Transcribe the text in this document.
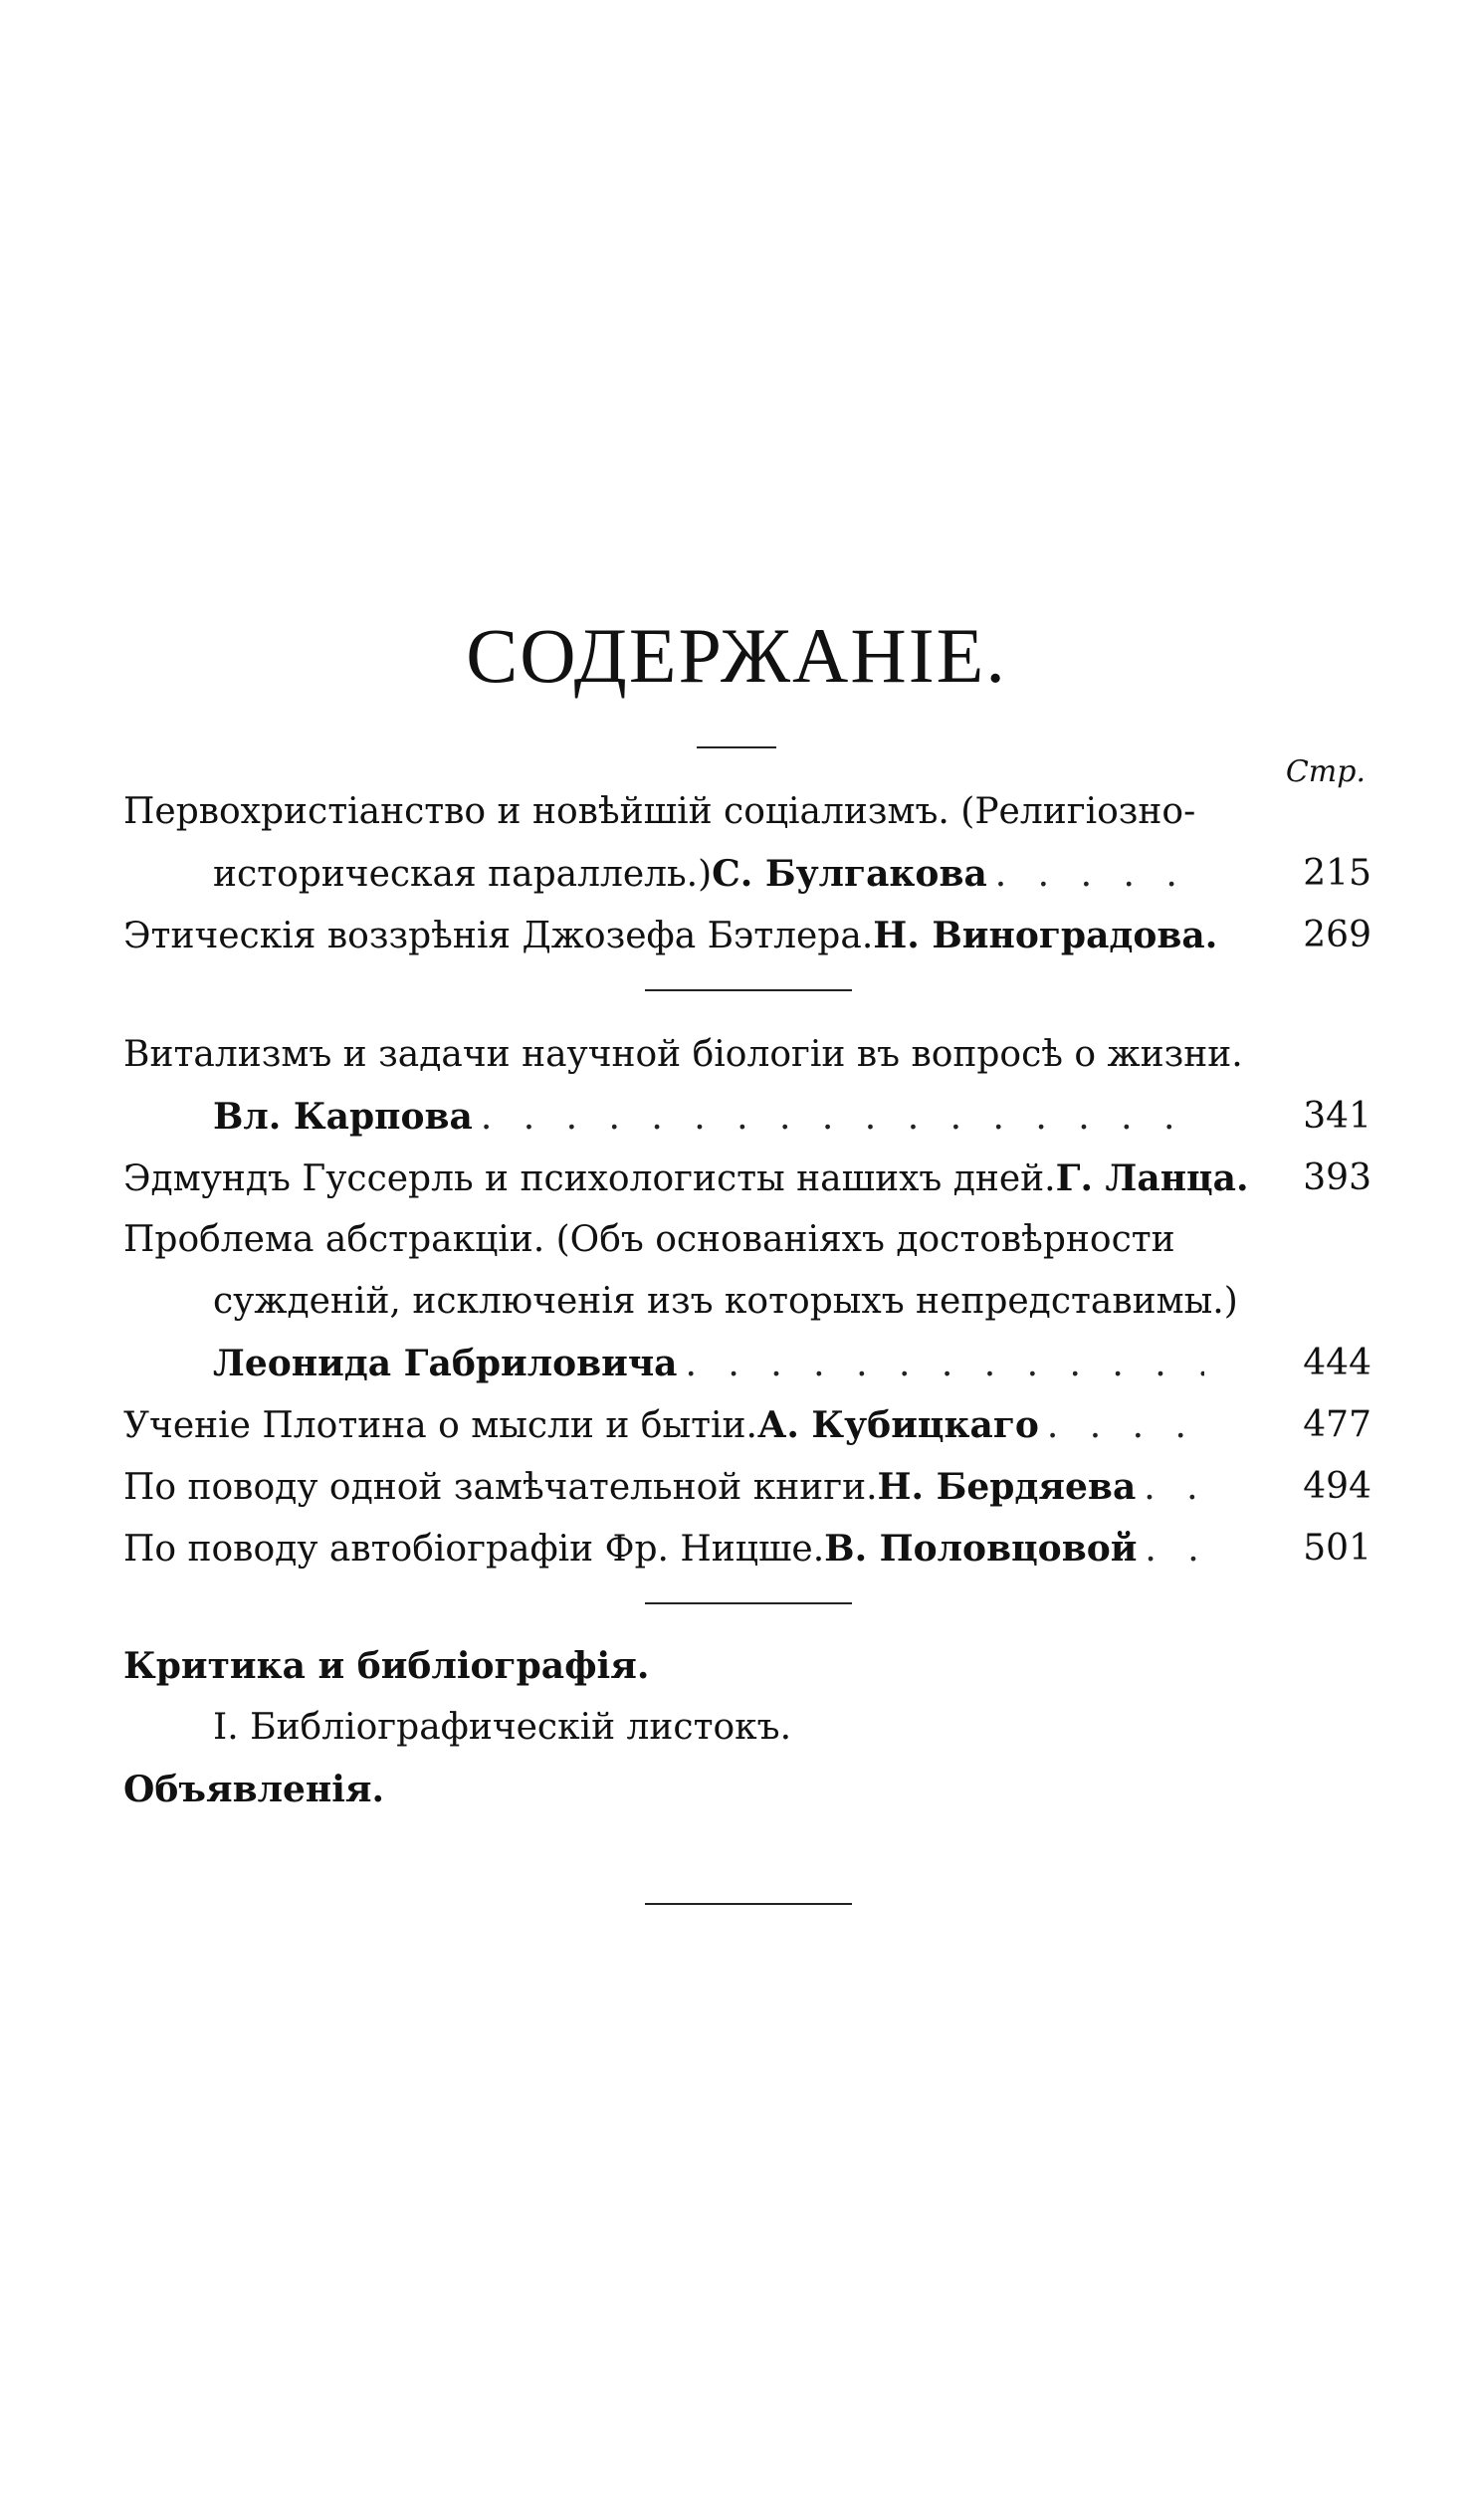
СОДЕРЖАНІЕ.
Стр.
Первохристіанство и новѣйшій соціализмъ. (Религіозно-
историческая параллель.) С. Булгакова . . .	215
Этическія воззрѣнія Джозефа Бэтлера. Н. Виноградова.	269
Витализмъ и задачи научной біологіи въ вопросѣ о жизни.
Вл. Карпова . . .	341
Эдмундъ Гуссерль и психологисты нашихъ дней. Г. Ланца.	393
Проблема абстракціи. (Объ основаніяхъ достовѣрности
сужденій, исключенія изъ которыхъ непредставимы.)
Леонида Габриловича . . .	444
Ученіе Плотина о мысли и бытіи. А. Кубицкаго . . .	477
По поводу одной замѣчательной книги. Н. Бердяева . . .	494
По поводу автобіографіи Фр. Ницше. В. Половцовой . . .	501
Критика и библіографія.
I. Библіографическій листокъ.
Объявленія.
